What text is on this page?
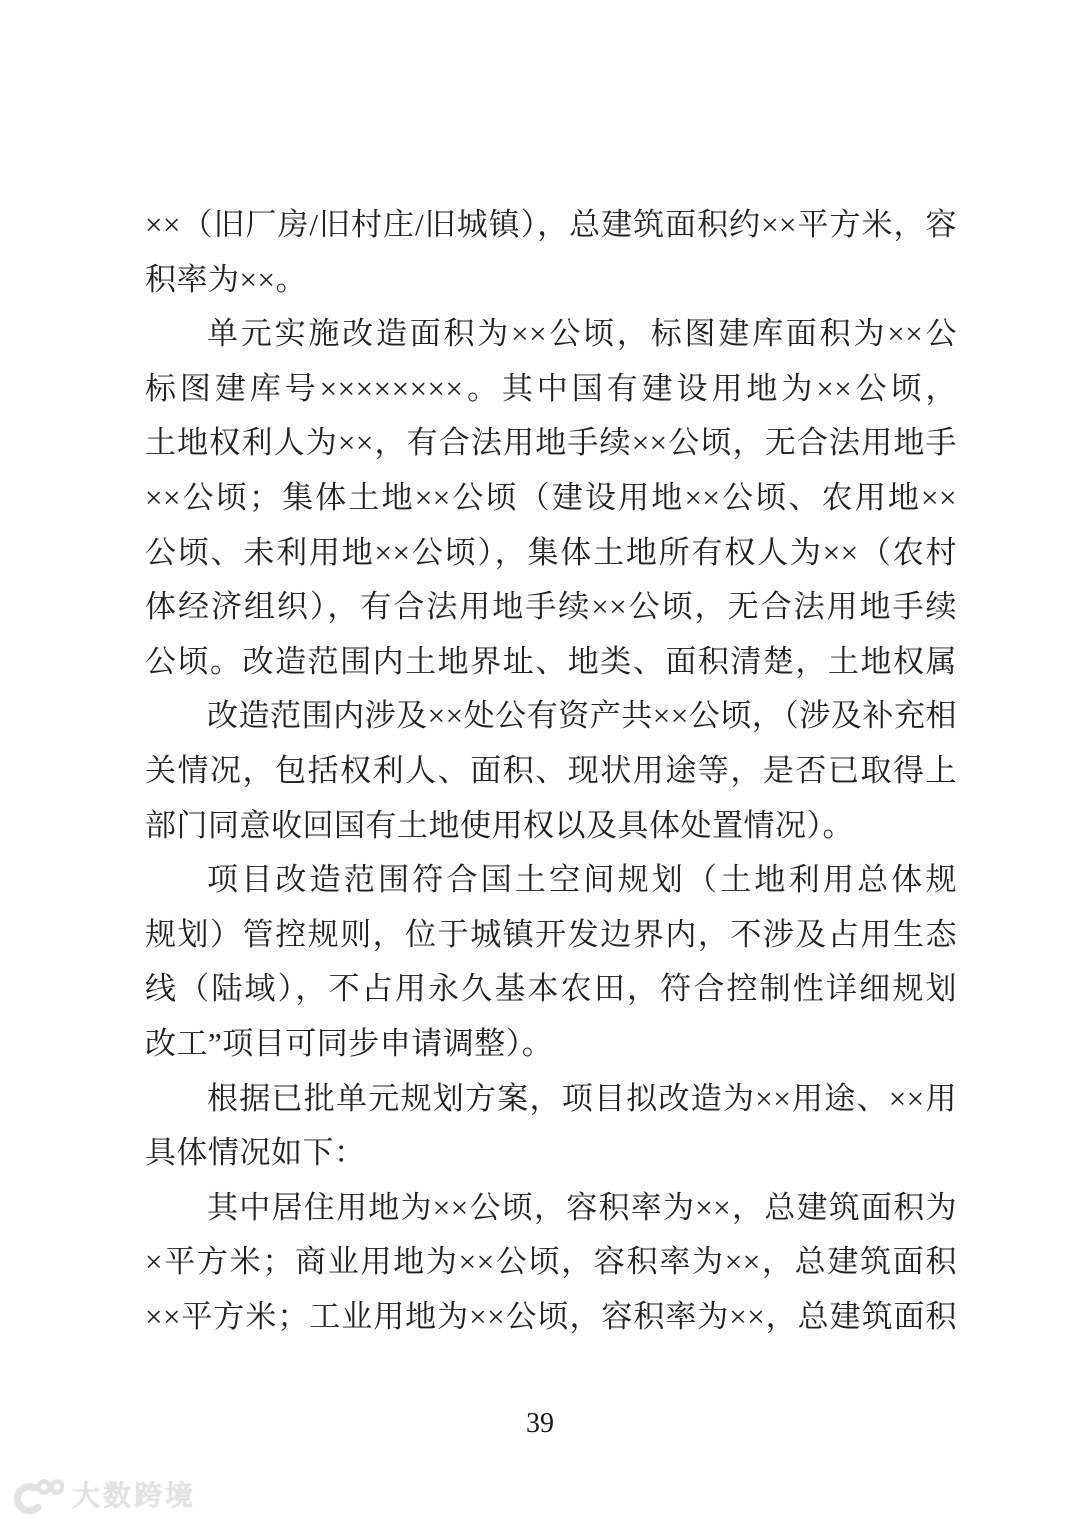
××（旧厂房/旧村庄/旧城镇），总建筑面积约××平方米，容
积率为××。
单元实施改造面积为××公顷，标图建库面积为××公
标图建库号××××××××。其中国有建设用地为××公顷，
土地权利人为××，有合法用地手续××公顷，无合法用地手
××公顷；集体土地××公顷（建设用地××公顷、农用地××
公顷、未利用地××公顷），集体土地所有权人为××（农村
体经济组织），有合法用地手续××公顷，无合法用地手续
公顷。改造范围内土地界址、地类、面积清楚，土地权属
改造范围内涉及××处公有资产共××公顷，（涉及补充相
关情况，包括权利人、面积、现状用途等，是否已取得上
部门同意收回国有土地使用权以及具体处置情况）。
项目改造范围符合国土空间规划（土地利用总体规
规划）管控规则，位于城镇开发边界内，不涉及占用生态
线（陆域），不占用永久基本农田，符合控制性详细规划
改工”项目可同步申请调整）。
根据已批单元规划方案，项目拟改造为××用途、××用
具体情况如下：
其中居住用地为××公顷，容积率为××，总建筑面积为
×平方米；商业用地为××公顷，容积率为××，总建筑面积
××平方米；工业用地为××公顷，容积率为××，总建筑面积
39
大数跨境
